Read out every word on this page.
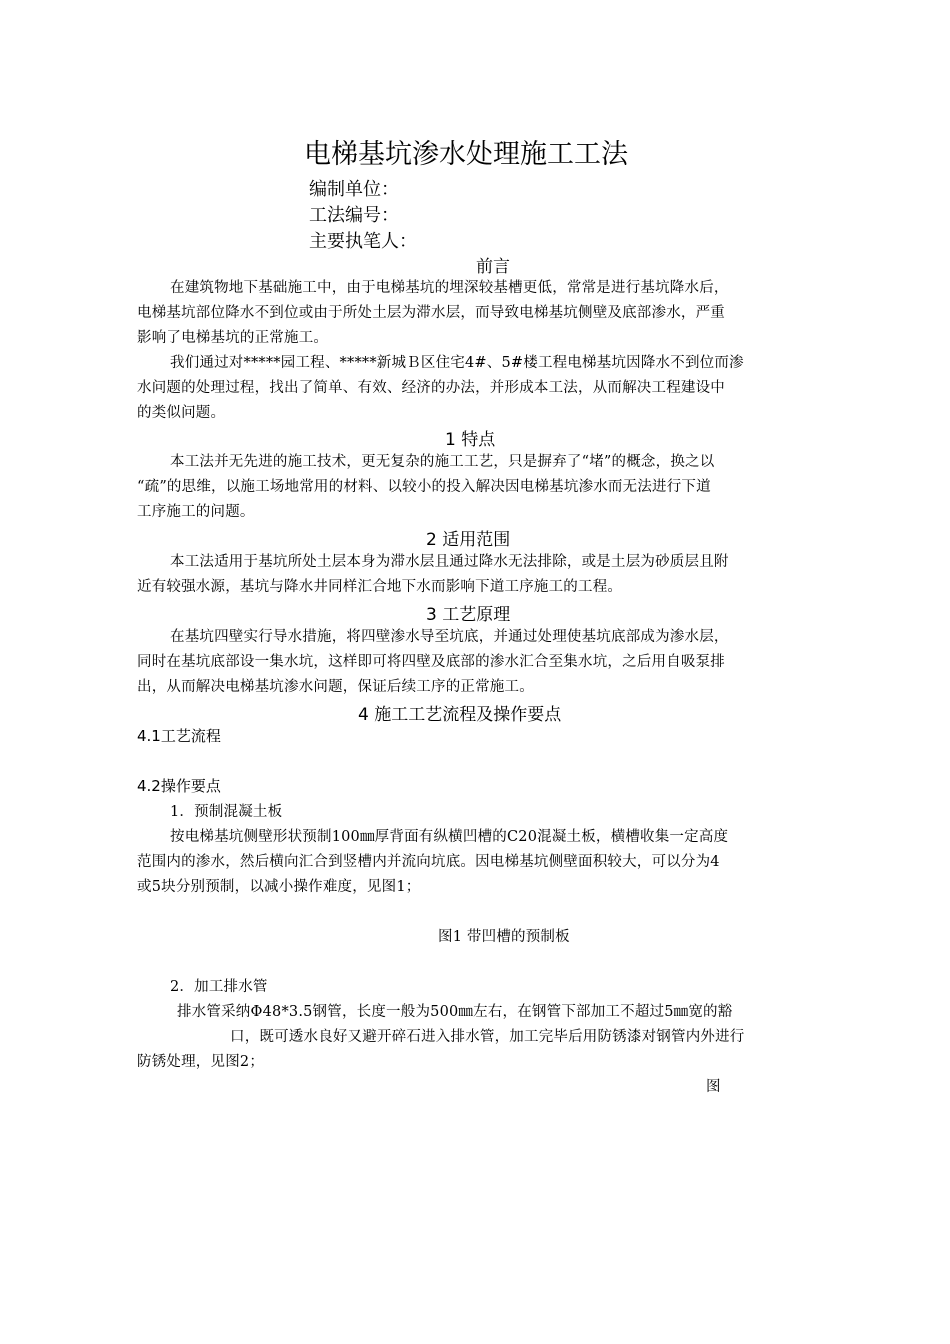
电梯基坑渗水处理施工工法
编制单位：
工法编号：
主要执笔人：
前言
在建筑物地下基础施工中，由于电梯基坑的埋深较基槽更低，常常是进行基坑降水后，
电梯基坑部位降水不到位或由于所处土层为滞水层，而导致电梯基坑侧壁及底部渗水，严重
影响了电梯基坑的正常施工。
我们通过对*****园工程、*****新城Ｂ区住宅4#、5#楼工程电梯基坑因降水不到位而渗
水问题的处理过程，找出了简单、有效、经济的办法，并形成本工法，从而解决工程建设中
的类似问题。
1 特点
本工法并无先进的施工技术，更无复杂的施工工艺，只是摒弃了“堵”的概念，换之以
“疏”的思维，以施工场地常用的材料、以较小的投入解决因电梯基坑渗水而无法进行下道
工序施工的问题。
2 适用范围
本工法适用于基坑所处土层本身为滞水层且通过降水无法排除，或是土层为砂质层且附
近有较强水源，基坑与降水井同样汇合地下水而影响下道工序施工的工程。
3 工艺原理
在基坑四壁实行导水措施，将四壁渗水导至坑底，并通过处理使基坑底部成为渗水层，
同时在基坑底部设一集水坑，这样即可将四壁及底部的渗水汇合至集水坑，之后用自吸泵排
出，从而解决电梯基坑渗水问题，保证后续工序的正常施工。
4 施工工艺流程及操作要点
4.1工艺流程
4.2操作要点
1．预制混凝土板
按电梯基坑侧壁形状预制100㎜厚背面有纵横凹槽的C20混凝土板，横槽收集一定高度
范围内的渗水，然后横向汇合到竖槽内并流向坑底。因电梯基坑侧壁面积较大，可以分为4
或5块分别预制，以减小操作难度，见图1；
图1 带凹槽的预制板
2．加工排水管
排水管采纳Φ48*3.5钢管，长度一般为500㎜左右，在钢管下部加工不超过5㎜宽的豁
口，既可透水良好又避开碎石进入排水管，加工完毕后用防锈漆对钢管内外进行
防锈处理，见图2；
图
